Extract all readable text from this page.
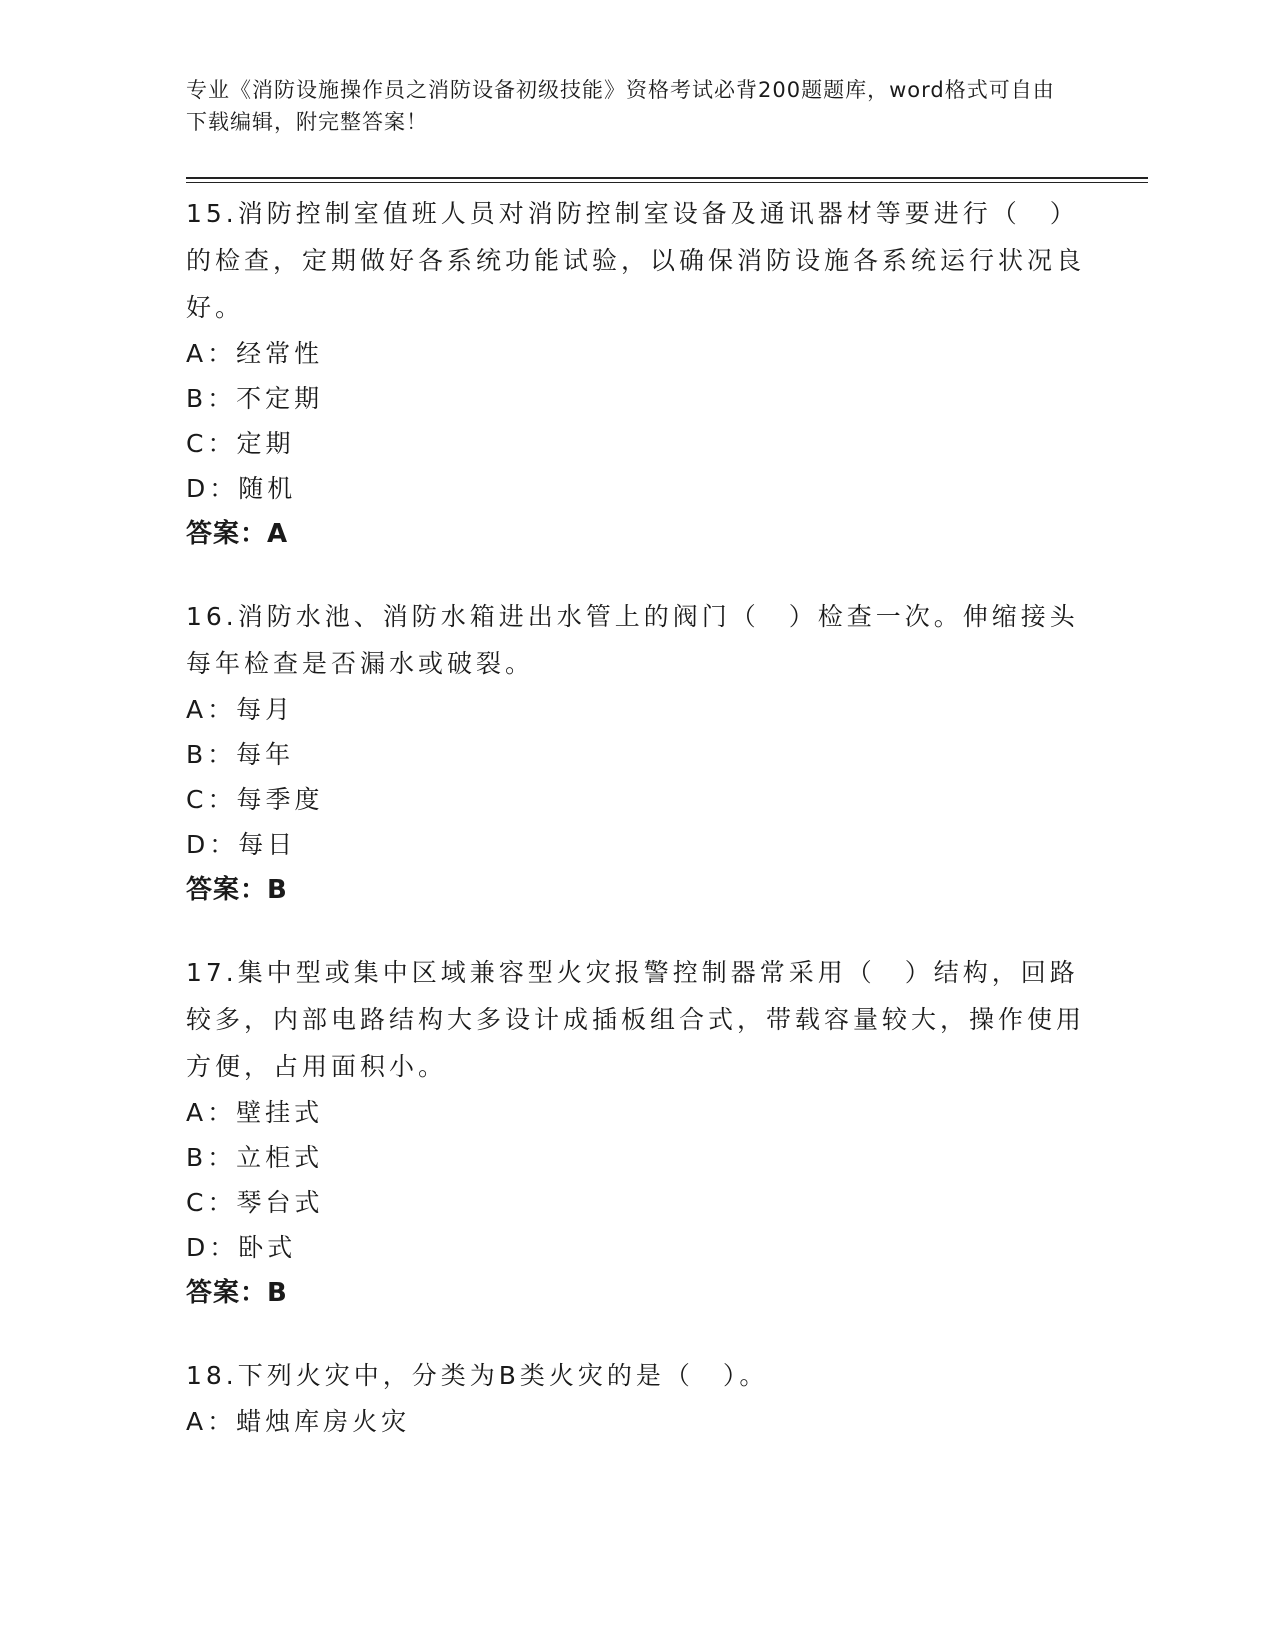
专业《消防设施操作员之消防设备初级技能》资格考试必背200题题库，word格式可自由下载编辑，附完整答案！

15.消防控制室值班人员对消防控制室设备及通讯器材等要进行（　）的检查，定期做好各系统功能试验，以确保消防设施各系统运行状况良好。

A：经常性

B：不定期

C：定期

D：随机

答案：A

16.消防水池、消防水箱进出水管上的阀门（　）检查一次。伸缩接头每年检查是否漏水或破裂。

A：每月

B：每年

C：每季度

D：每日

答案：B

17.集中型或集中区域兼容型火灾报警控制器常采用（　）结构，回路较多，内部电路结构大多设计成插板组合式，带载容量较大，操作使用方便，占用面积小。

A：壁挂式

B：立柜式

C：琴台式

D：卧式

答案：B

18.下列火灾中，分类为B类火灾的是（　）。

A：蜡烛库房火灾
